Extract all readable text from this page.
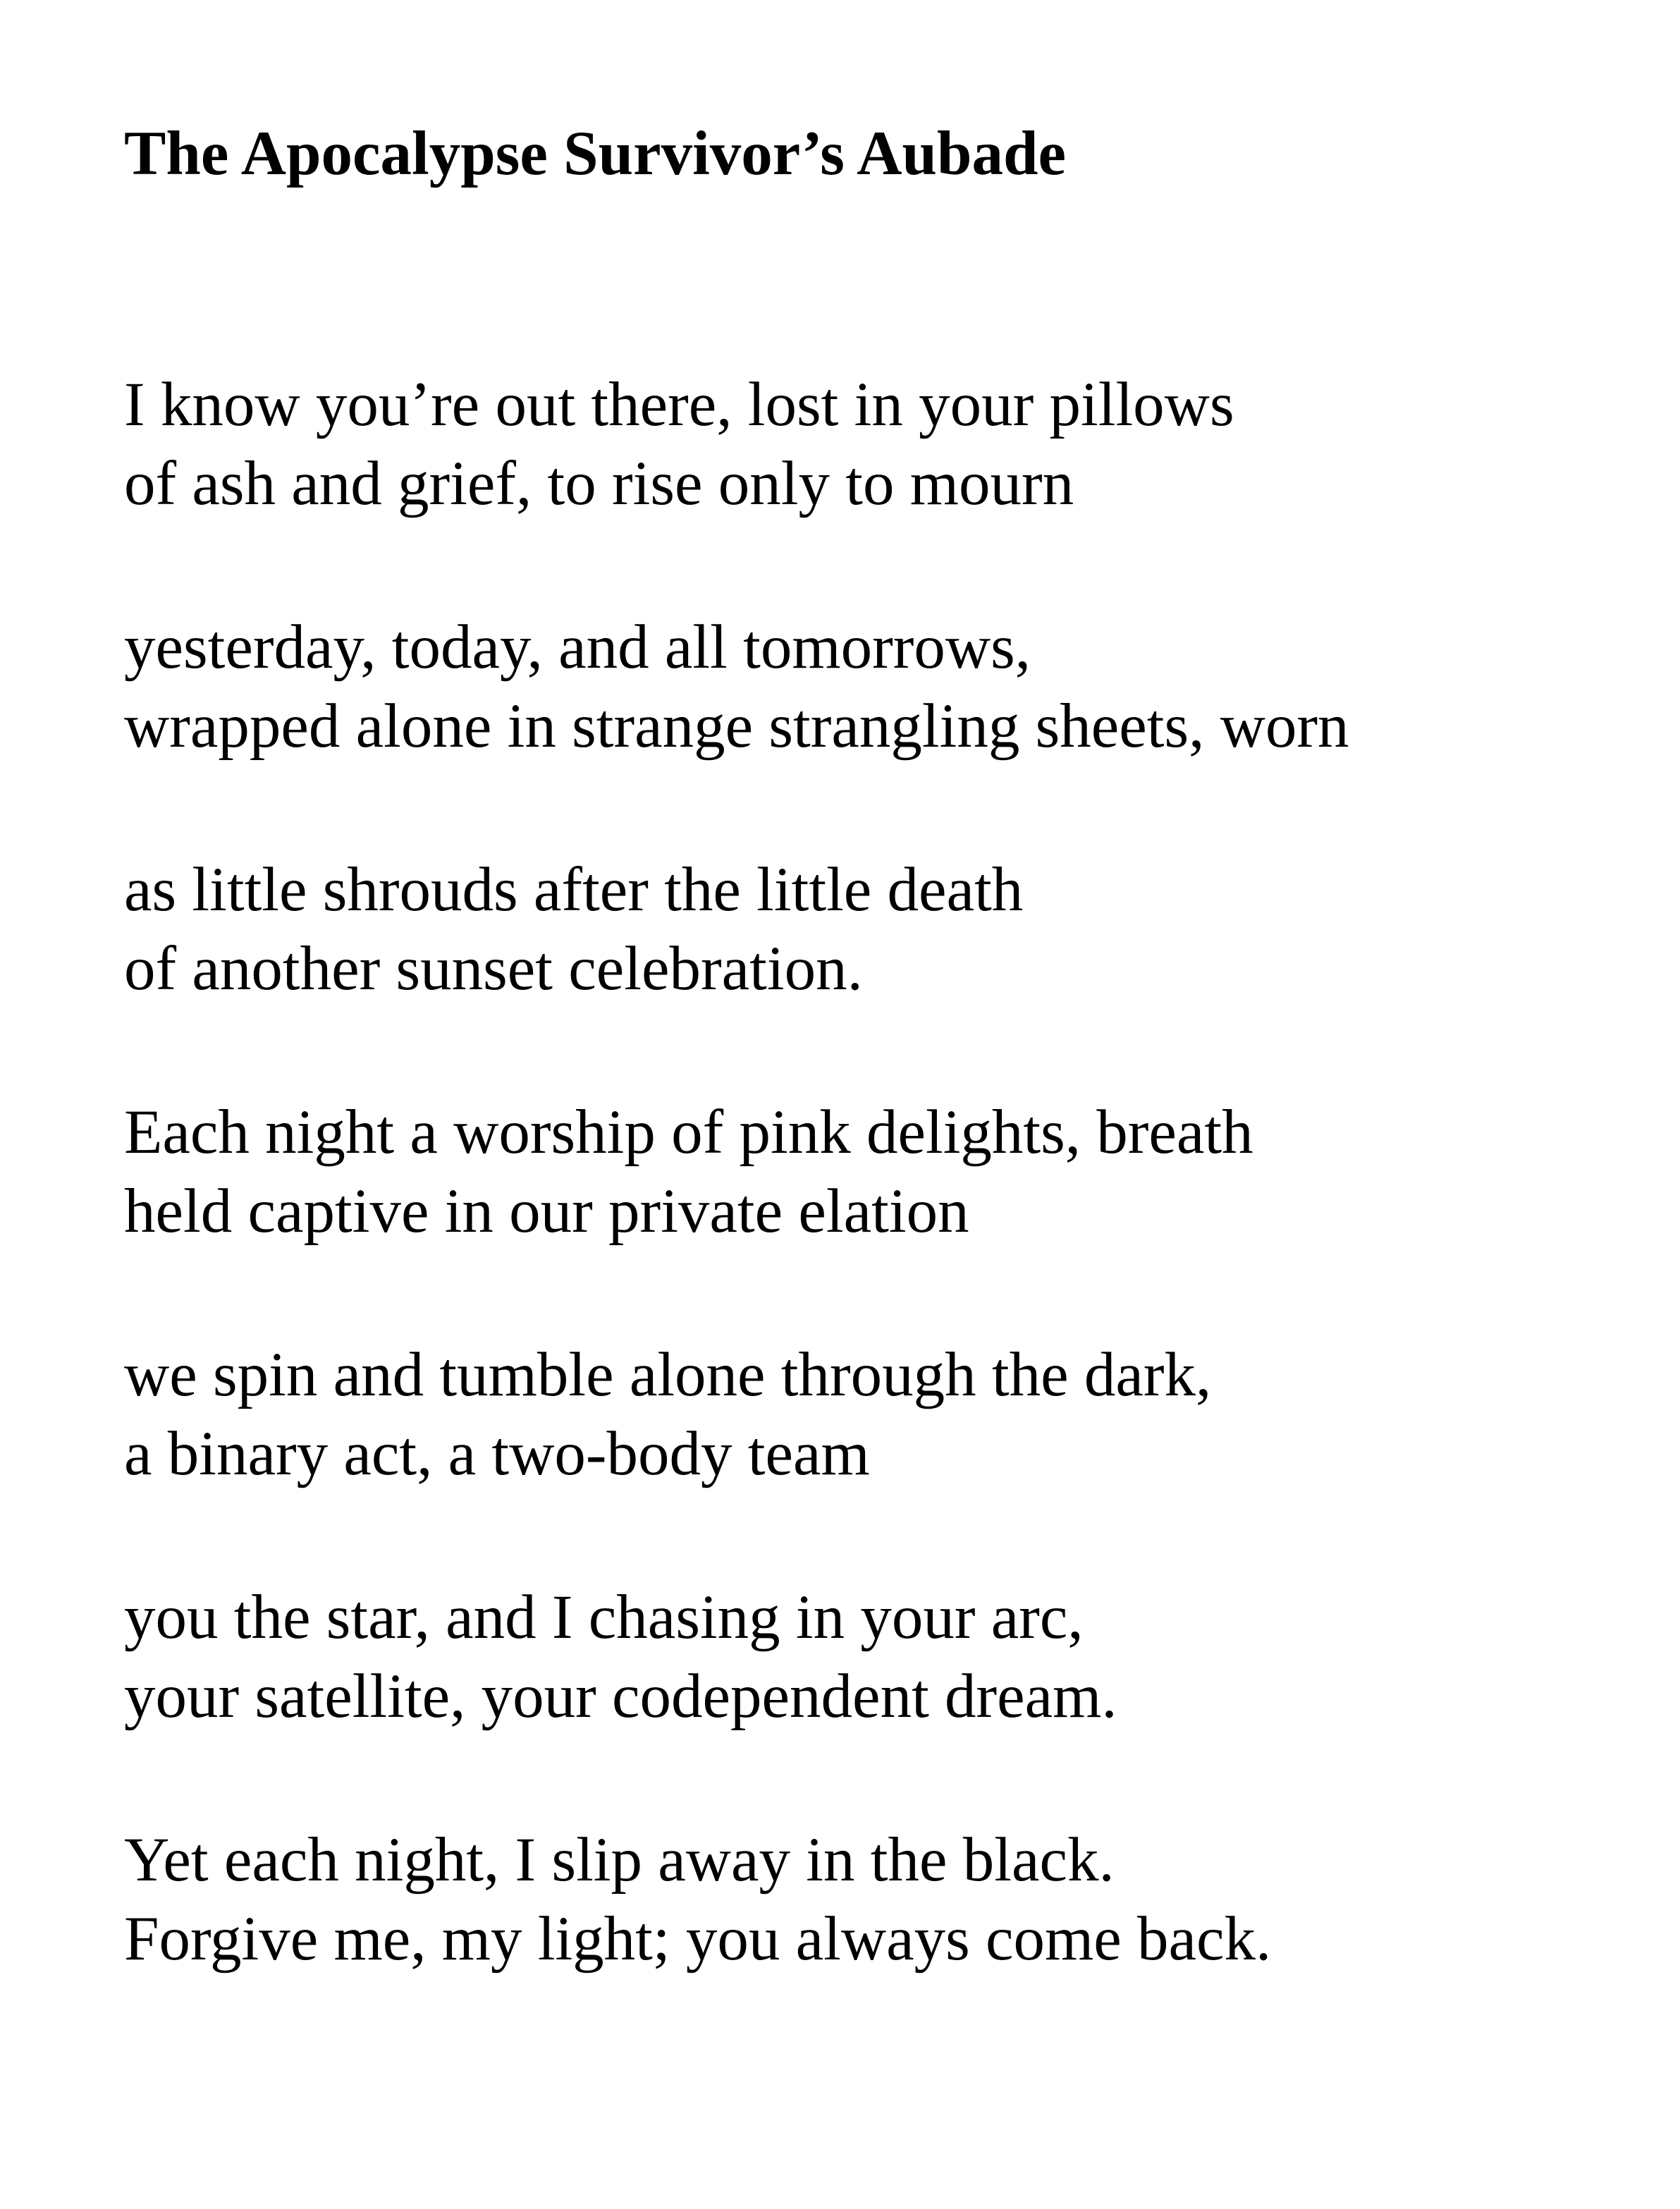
The Apocalypse Survivor’s Aubade

I know you’re out there, lost in your pillows

of ash and grief, to rise only to mourn

yesterday, today, and all tomorrows,

wrapped alone in strange strangling sheets, worn

as little shrouds after the little death

of another sunset celebration.

Each night a worship of pink delights, breath

held captive in our private elation

we spin and tumble alone through the dark,

a binary act, a two-body team

you the star, and I chasing in your arc,

your satellite, your codependent dream.

Yet each night, I slip away in the black.

Forgive me, my light; you always come back.
